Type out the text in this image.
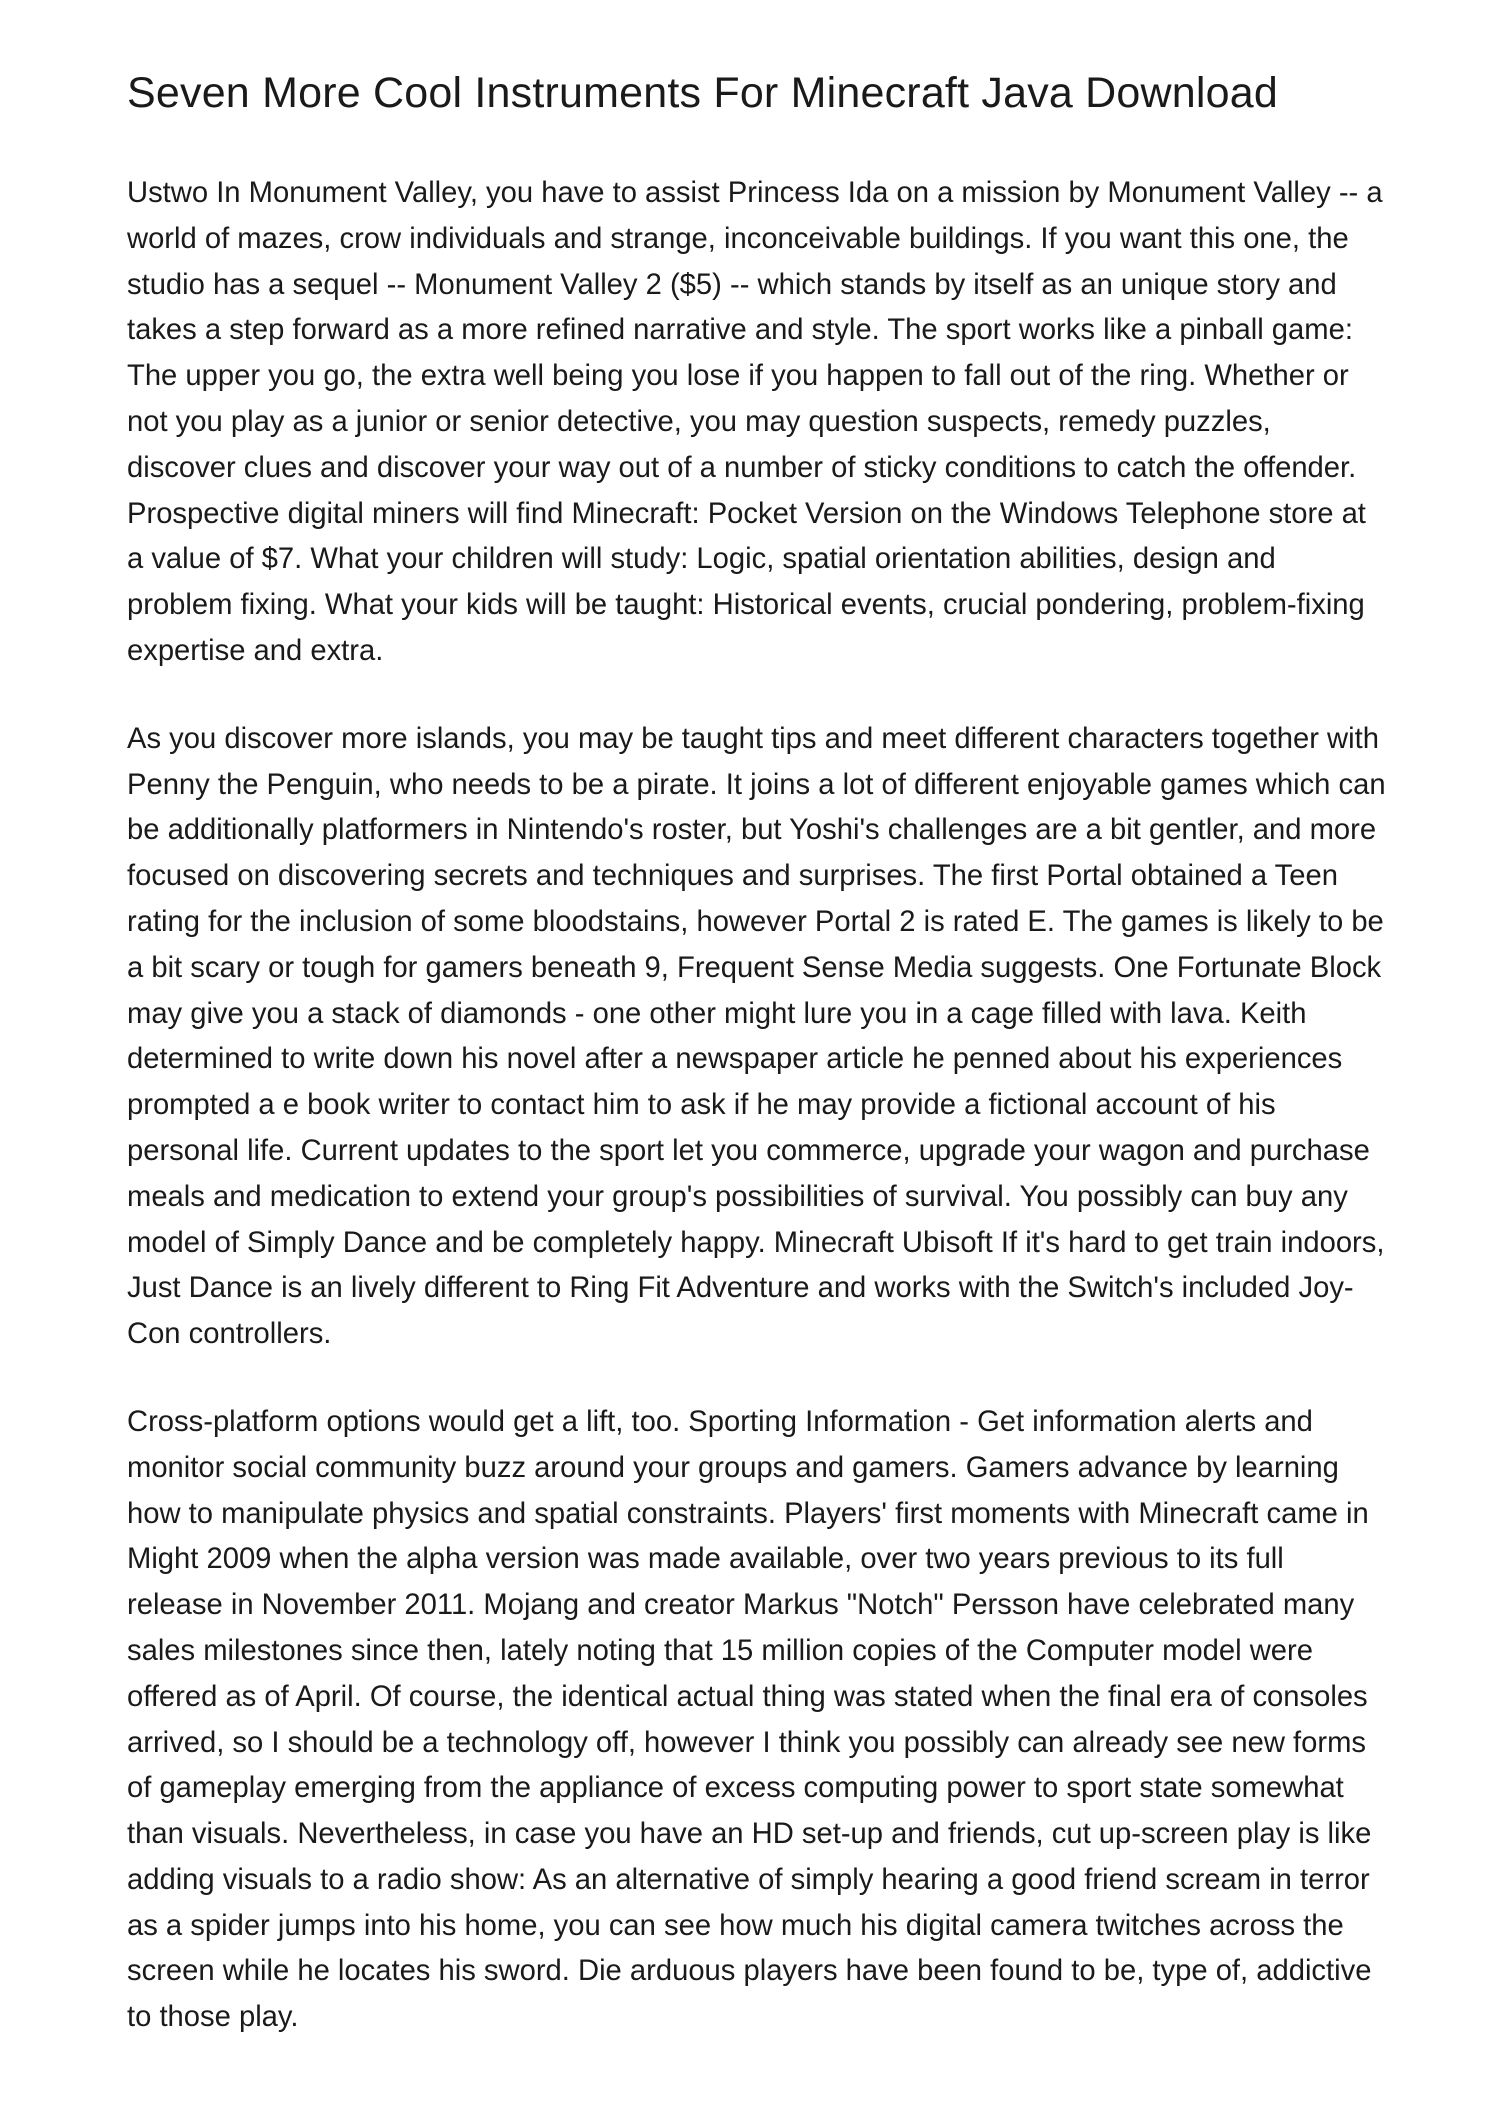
Seven More Cool Instruments For Minecraft Java Download

Ustwo In Monument Valley, you have to assist Princess Ida on a mission by Monument Valley -- a world of mazes, crow individuals and strange, inconceivable buildings. If you want this one, the studio has a sequel -- Monument Valley 2 ($5) -- which stands by itself as an unique story and takes a step forward as a more refined narrative and style. The sport works like a pinball game: The upper you go, the extra well being you lose if you happen to fall out of the ring. Whether or not you play as a junior or senior detective, you may question suspects, remedy puzzles, discover clues and discover your way out of a number of sticky conditions to catch the offender. Prospective digital miners will find Minecraft: Pocket Version on the Windows Telephone store at a value of $7. What your children will study: Logic, spatial orientation abilities, design and problem fixing. What your kids will be taught: Historical events, crucial pondering, problem-fixing expertise and extra.

As you discover more islands, you may be taught tips and meet different characters together with Penny the Penguin, who needs to be a pirate. It joins a lot of different enjoyable games which can be additionally platformers in Nintendo's roster, but Yoshi's challenges are a bit gentler, and more focused on discovering secrets and techniques and surprises. The first Portal obtained a Teen rating for the inclusion of some bloodstains, however Portal 2 is rated E. The games is likely to be a bit scary or tough for gamers beneath 9, Frequent Sense Media suggests. One Fortunate Block may give you a stack of diamonds - one other might lure you in a cage filled with lava. Keith determined to write down his novel after a newspaper article he penned about his experiences prompted a e book writer to contact him to ask if he may provide a fictional account of his personal life. Current updates to the sport let you commerce, upgrade your wagon and purchase meals and medication to extend your group's possibilities of survival. You possibly can buy any model of Simply Dance and be completely happy. Minecraft Ubisoft If it's hard to get train indoors, Just Dance is an lively different to Ring Fit Adventure and works with the Switch's included Joy-Con controllers.

Cross-platform options would get a lift, too. Sporting Information - Get information alerts and monitor social community buzz around your groups and gamers. Gamers advance by learning how to manipulate physics and spatial constraints. Players' first moments with Minecraft came in Might 2009 when the alpha version was made available, over two years previous to its full release in November 2011. Mojang and creator Markus "Notch" Persson have celebrated many sales milestones since then, lately noting that 15 million copies of the Computer model were offered as of April. Of course, the identical actual thing was stated when the final era of consoles arrived, so I should be a technology off, however I think you possibly can already see new forms of gameplay emerging from the appliance of excess computing power to sport state somewhat than visuals. Nevertheless, in case you have an HD set-up and friends, cut up-screen play is like adding visuals to a radio show: As an alternative of simply hearing a good friend scream in terror as a spider jumps into his home, you can see how much his digital camera twitches across the screen while he locates his sword. Die arduous players have been found to be, type of, addictive to those play.
